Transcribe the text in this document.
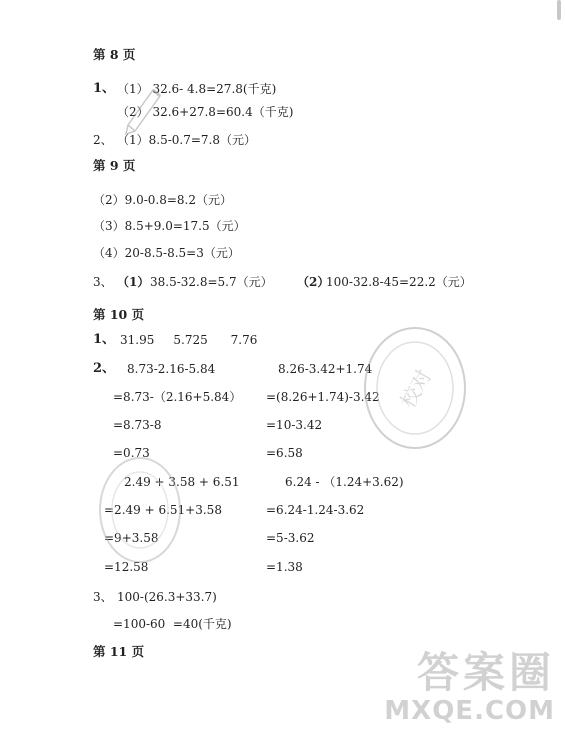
第 8 页
1、 （1） 32.6- 4.8=27.8(千克)
（2） 32.6+27.8=60.4（千克)
2、 （1）8.5-0.7=7.8（元）
第 9 页
（2）9.0-0.8=8.2（元）
（3）8.5+9.0=17.5（元）
（4）20-8.5-8.5=3（元）
3、 （1） 38.5-32.8=5.7（元） （2）
100-32.8-45=22.2（元）
第 10 页
1、 31.95     5.725      7.76
2、 8.73-2.16-5.84	8.26-3.42+1.74
=8.73-（2.16+5.84） =(8.26+1.74)-3.42
=8.73-8	=10-3.42
=0.73	=6.58
2.49 + 3.58 + 6.51	6.24 - （1.24+3.62)
=2.49 + 6.51+3.58	=6.24-1.24-3.62
=9+3.58	=5-3.62
=12.58	=1.38
3、 100-(26.3+33.7)
=100-60  =40(千克)
第 11 页
校对
答案圈
MXQE.COM
